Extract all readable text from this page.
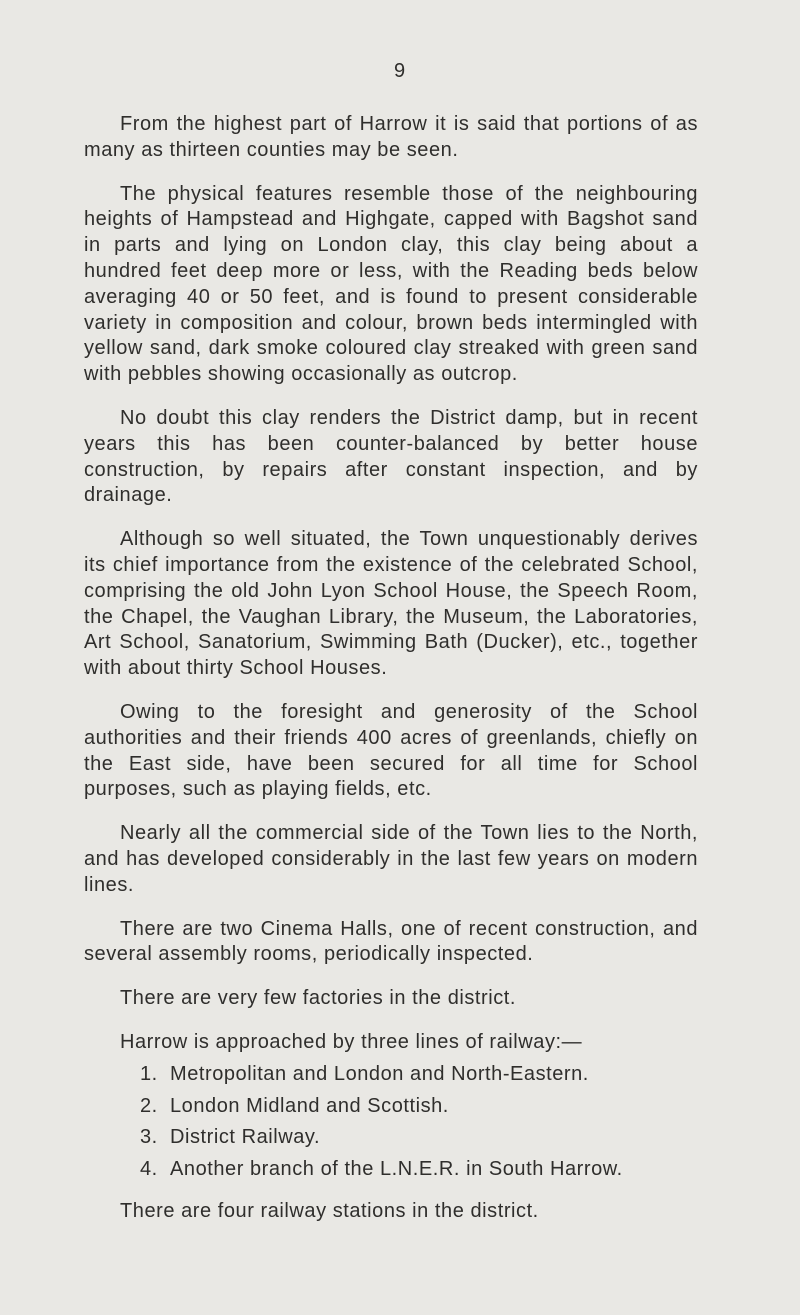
9

From the highest part of Harrow it is said that portions of as many as thirteen counties may be seen.

The physical features resemble those of the neighbouring heights of Hampstead and Highgate, capped with Bagshot sand in parts and lying on London clay, this clay being about a hundred feet deep more or less, with the Reading beds below averaging 40 or 50 feet, and is found to present considerable variety in composition and colour, brown beds intermingled with yellow sand, dark smoke coloured clay streaked with green sand with pebbles showing occasionally as outcrop.

No doubt this clay renders the District damp, but in recent years this has been counter-balanced by better house construction, by repairs after constant inspection, and by drainage.

Although so well situated, the Town unquestionably derives its chief importance from the existence of the celebrated School, comprising the old John Lyon School House, the Speech Room, the Chapel, the Vaughan Library, the Museum, the Laboratories, Art School, Sanatorium, Swimming Bath (Ducker), etc., together with about thirty School Houses.

Owing to the foresight and generosity of the School authorities and their friends 400 acres of greenlands, chiefly on the East side, have been secured for all time for School purposes, such as playing fields, etc.

Nearly all the commercial side of the Town lies to the North, and has developed considerably in the last few years on modern lines.

There are two Cinema Halls, one of recent construction, and several assembly rooms, periodically inspected.

There are very few factories in the district.

Harrow is approached by three lines of railway:—

1. Metropolitan and London and North-Eastern.
2. London Midland and Scottish.
3. District Railway.
4. Another branch of the L.N.E.R. in South Harrow.

There are four railway stations in the district.
